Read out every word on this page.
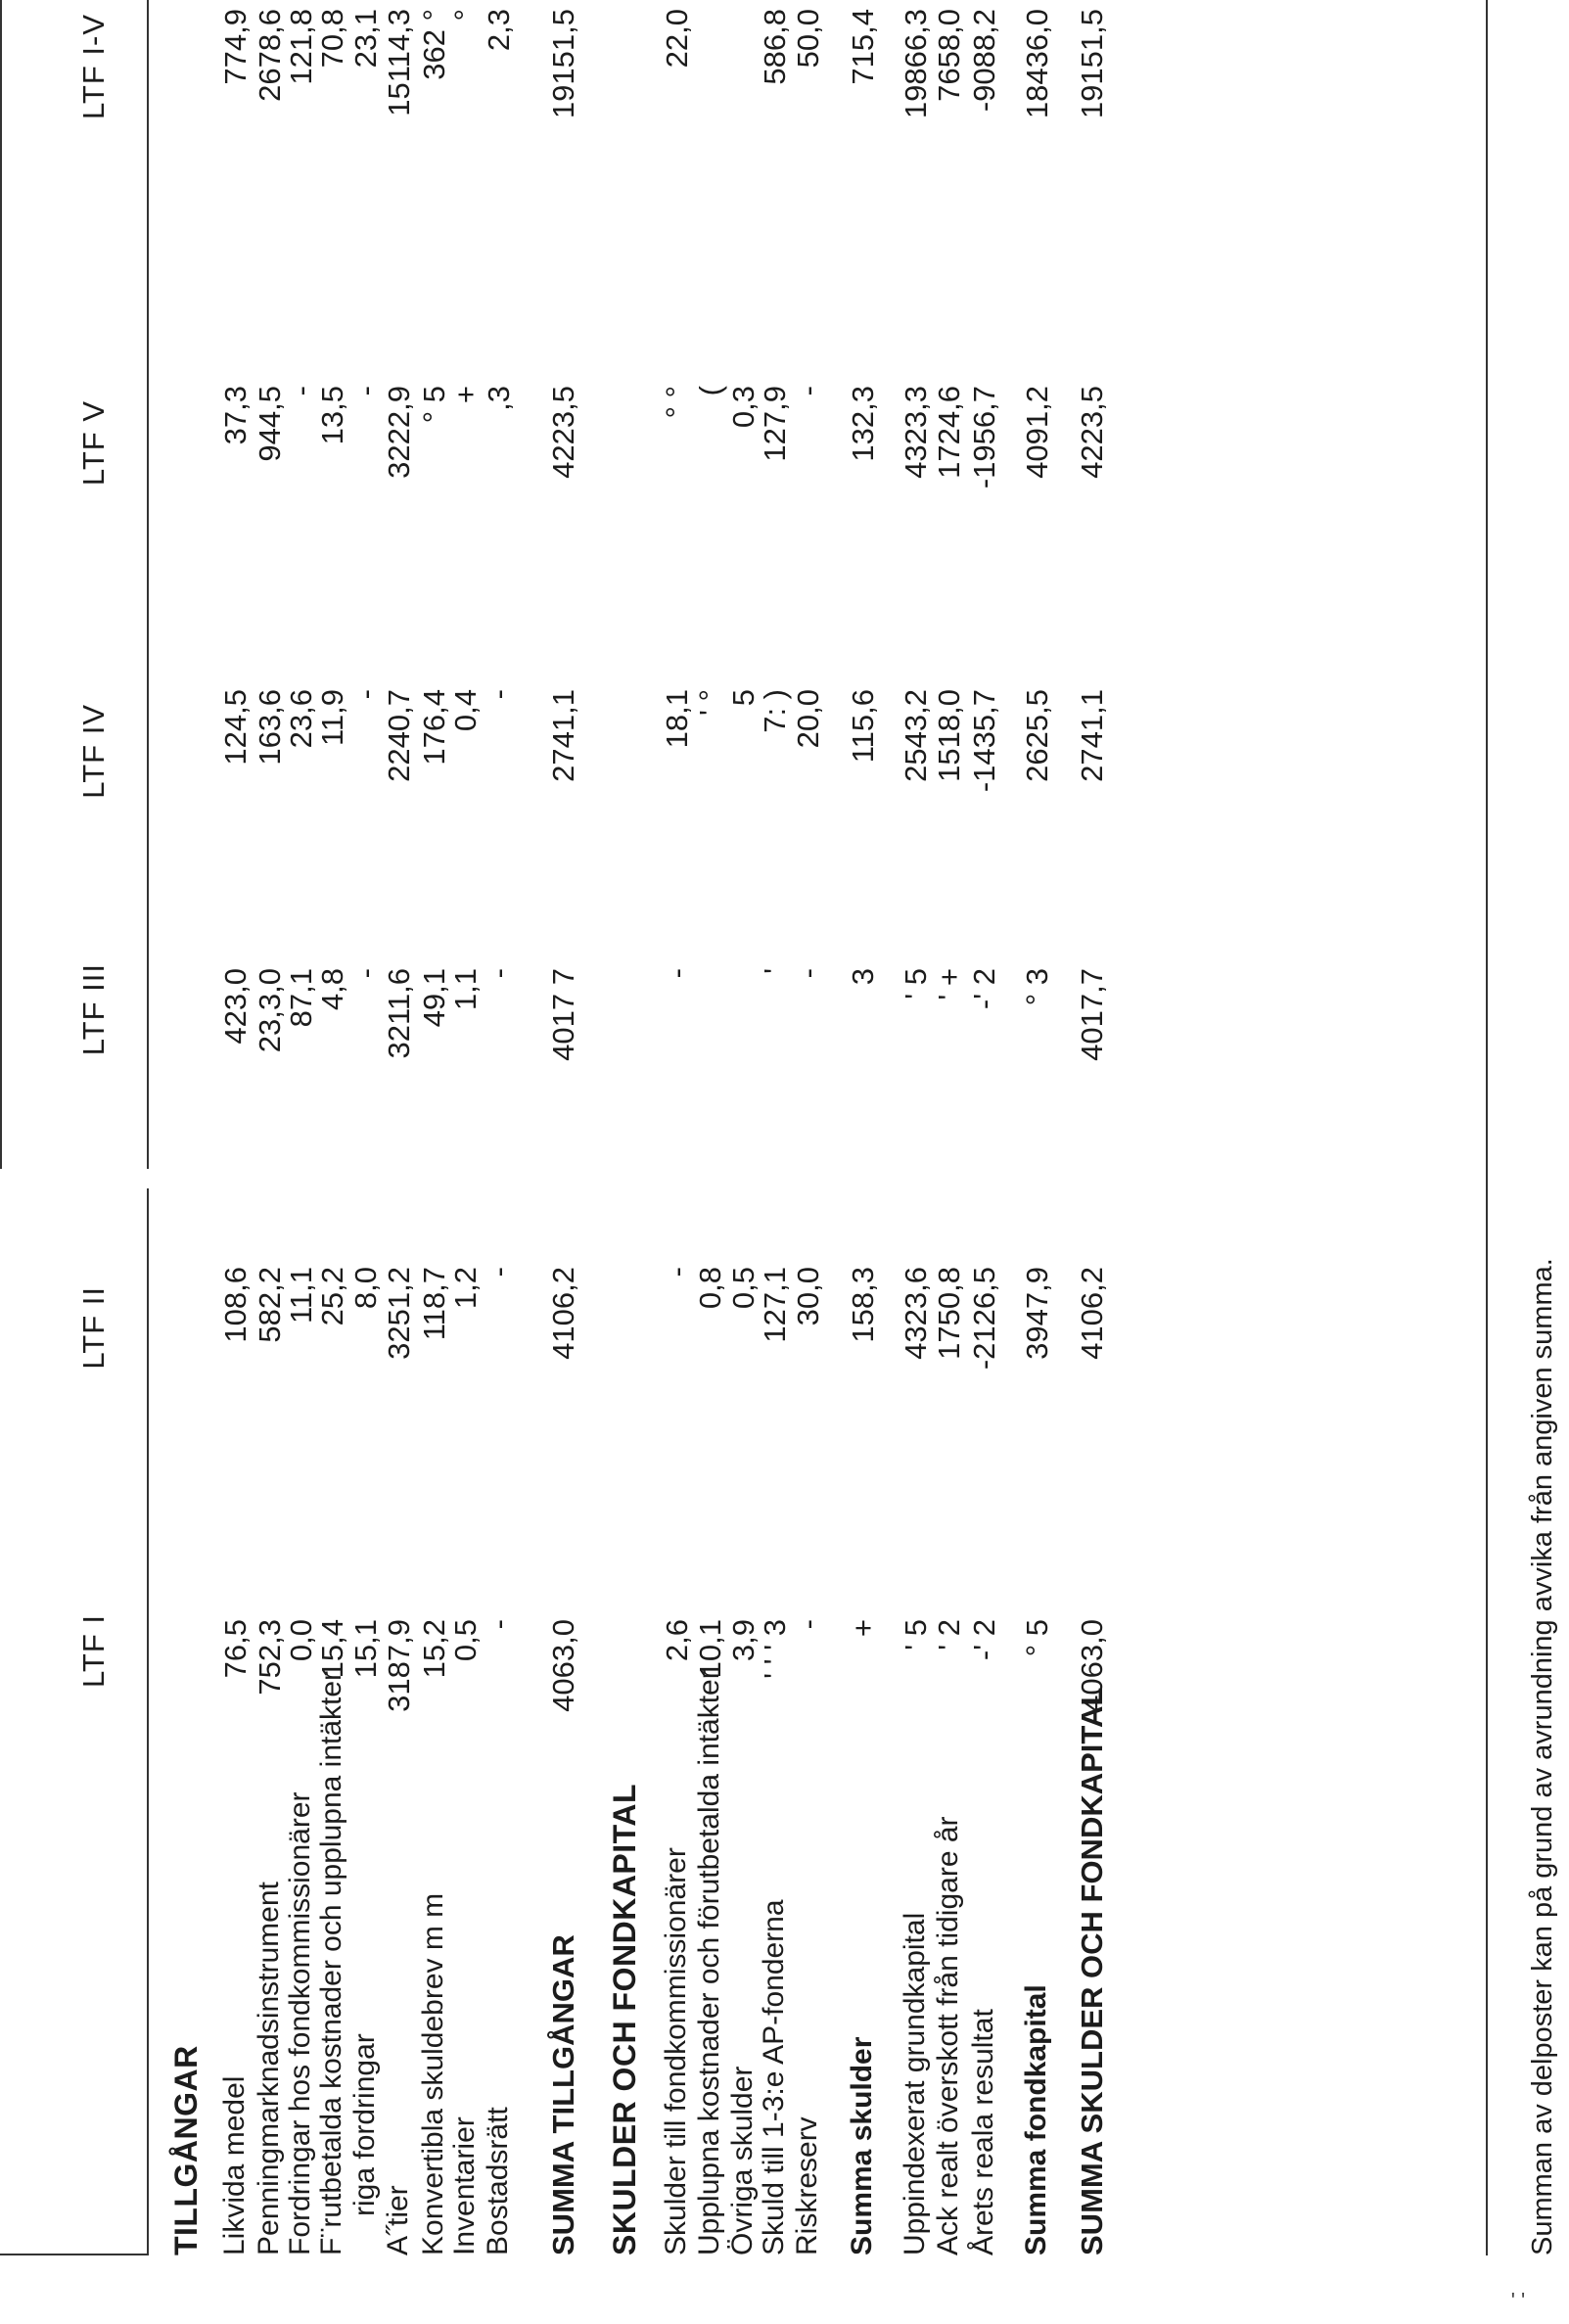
LTF I
LTF II
LTF III
LTF IV
LTF V
LTF I-V
TILLGÅNGAR Likvida medel
76,5
108,6
423,0
124,5
37,3
774,9
Penningmarknadsinstrument
752,3
582,2
23,3,0
163,6
944,5
2678,6
Fordringar hos fondkommissionärer
0,0
11,1
87,1
23,6
-
121,8
F¨rutbetalda kostnader och upplupna intäkter
15,4
25,2
4,8
11,9
13,5
70,8
riga fordringar
15,1
8,0
-
-
-
23,1
A˝tier
3187,9
3251,2
3211,6
2240,7
3222,9
15114,3
Konvertibla skuldebrev m m
15,2
118,7
49,1
176,4
° 5
362 °
Inventarier
0,5
1,2
1,1
0,4
+
°
Bostadsrätt
-
-
-
-
,3
2,3
SUMMA TILLGÅNGAR
4063,0
4106,2
4017 7
2741,1
4223,5
19151,5
SKULDER OCH FONDKAPITAL Skulder till fondkommissionärer
2,6
-
-
18,1
° °
22,0
Upplupna kostnader och förutbetalda intäkter
10,1
0,8
' °
(
Övriga skulder
3,9
0,5
5
0,3
Skuld till 1-3:e AP-fonderna
' ' ' 3
127,1
'
7: )
127,9
586,8
Riskreserv
-
30,0
-
20,0
-
50,0
Summa skulder
+
158,3
3
115,6
132,3
715,4
Uppindexerat grundkapital
' 5
4323,6
' 5
2543,2
4323,3
19866,3
Ack realt överskott från tidigare år
' 2
1750,8
' +
1518,0
1724,6
7658,0
Årets reala resultat
-' 2
-2126,5
-' 2
-1435,7
-1956,7
-9088,2
Summa fondkapital
° 5
3947,9
° 3
2625,5
4091,2
18436,0
SUMMA SKULDER OCH FONDKAPITAL
4063,0
4106,2
4017,7
2741,1
4223,5
19151,5
Summan av delposter kan på grund av avrundning avvika från angiven summa.
' '
